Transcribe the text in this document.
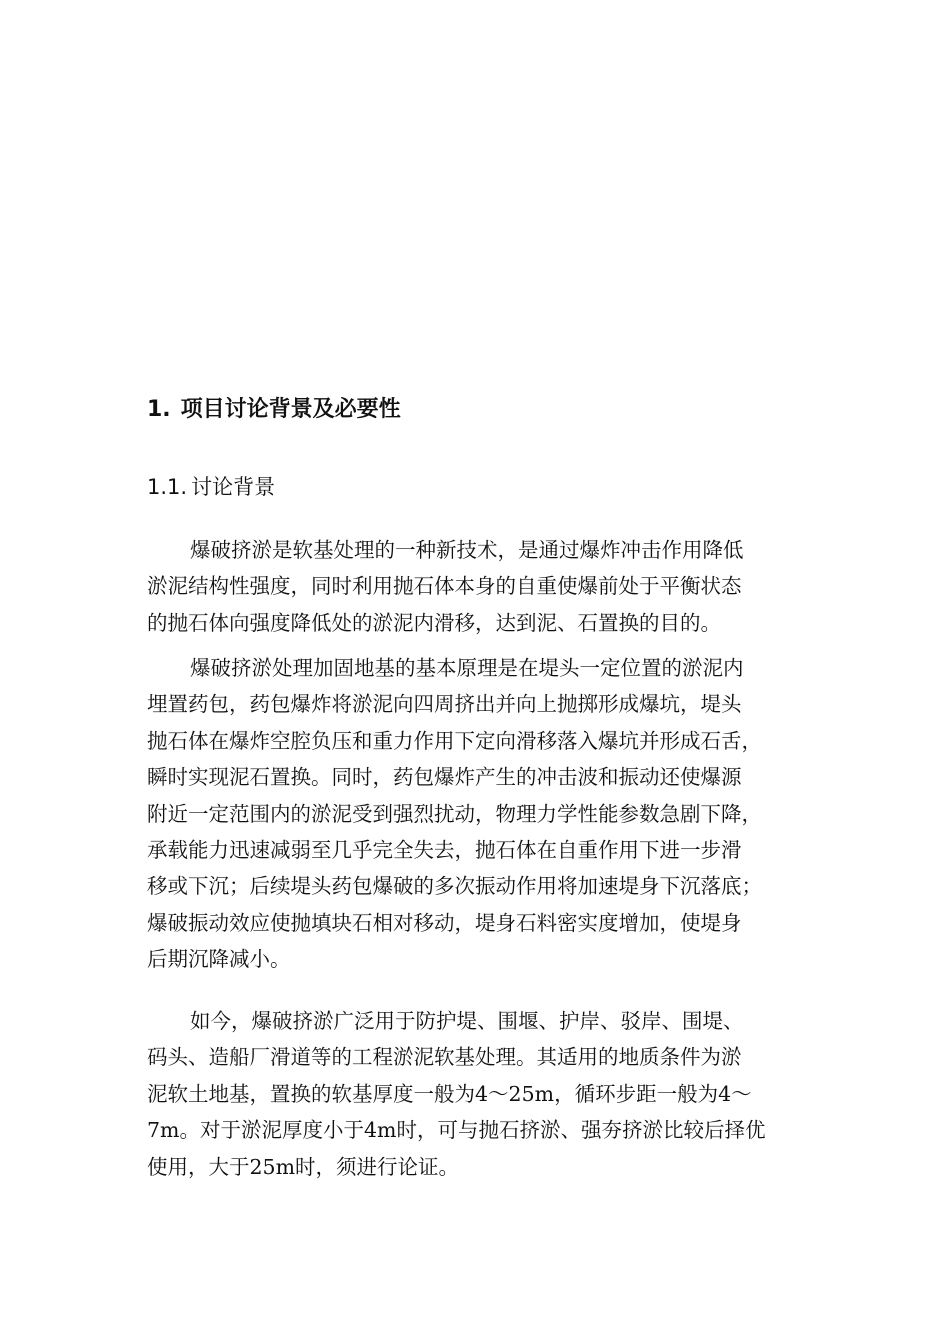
1. 项目讨论背景及必要性
1.1. 讨论背景
爆破挤淤是软基处理的一种新技术，是通过爆炸冲击作用降低
淤泥结构性强度，同时利用抛石体本身的自重使爆前处于平衡状态
的抛石体向强度降低处的淤泥内滑移，达到泥、石置换的目的。
爆破挤淤处理加固地基的基本原理是在堤头一定位置的淤泥内
埋置药包，药包爆炸将淤泥向四周挤出并向上抛掷形成爆坑，堤头
抛石体在爆炸空腔负压和重力作用下定向滑移落入爆坑并形成石舌，
瞬时实现泥石置换。同时，药包爆炸产生的冲击波和振动还使爆源
附近一定范围内的淤泥受到强烈扰动，物理力学性能参数急剧下降，
承载能力迅速减弱至几乎完全失去，抛石体在自重作用下进一步滑
移或下沉；后续堤头药包爆破的多次振动作用将加速堤身下沉落底；
爆破振动效应使抛填块石相对移动，堤身石料密实度增加，使堤身
后期沉降减小。
如今，爆破挤淤广泛用于防护堤、围堰、护岸、驳岸、围堤、
码头、造船厂滑道等的工程淤泥软基处理。其适用的地质条件为淤
泥软土地基，置换的软基厚度一般为4～25m，循环步距一般为4～
7m。对于淤泥厚度小于4m时，可与抛石挤淤、强夯挤淤比较后择优
使用，大于25m时，须进行论证。
